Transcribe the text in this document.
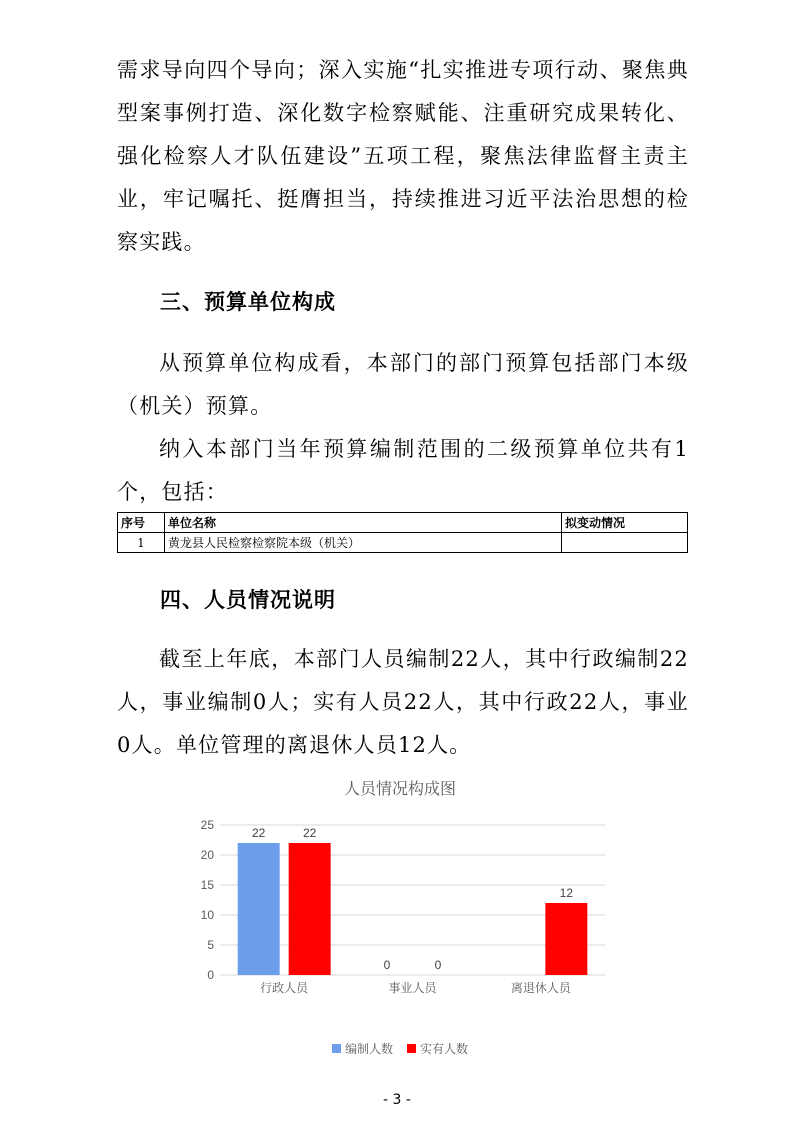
需求导向四个导向；深入实施“扎实推进专项行动、聚焦典型案事例打造、深化数字检察赋能、注重研究成果转化、强化检察人才队伍建设”五项工程，聚焦法律监督主责主业，牢记嘱托、挺膺担当，持续推进习近平法治思想的检察实践。

三、预算单位构成

从预算单位构成看，本部门的部门预算包括部门本级（机关）预算。

纳入本部门当年预算编制范围的二级预算单位共有1个，包括：

序号	单位名称	拟变动情况
1	黄龙县人民检察检察院本级（机关）	
四、人员情况说明

截至上年底，本部门人员编制22人，其中行政编制22人，事业编制0人；实有人员22人，其中行政22人，事业0人。单位管理的离退休人员12人。

人员情况构成图
0
5
10
15
20
25
行政人员
22	22
事业人员
0	0
离退休人员
12
编制人数 实有人数
- 3 -
